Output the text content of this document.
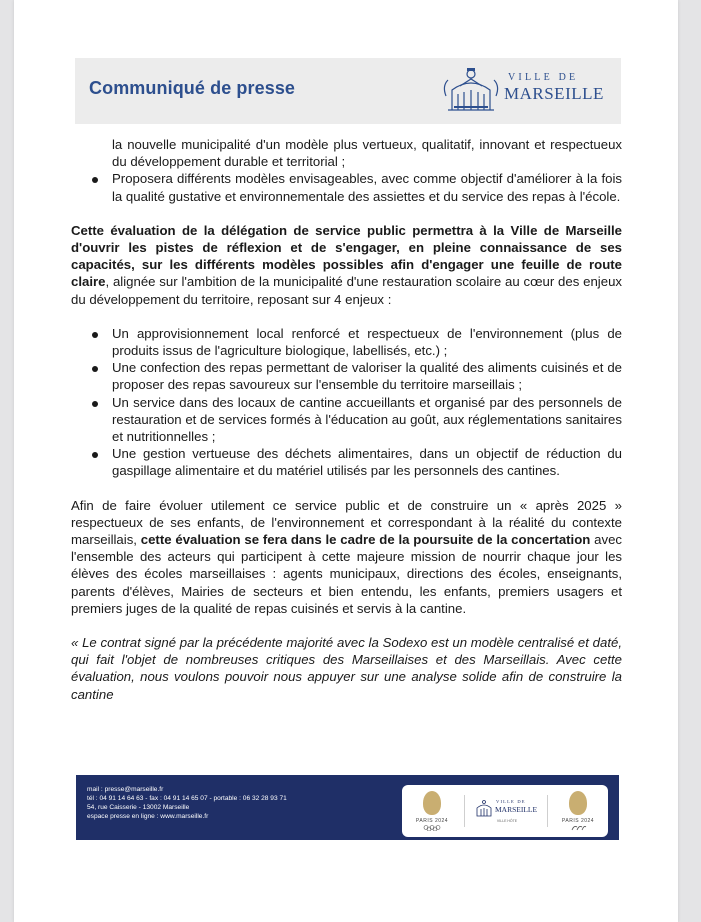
Communiqué de presse
VILLE DE
MARSEILLE

la nouvelle municipalité d'un modèle plus vertueux, qualitatif, innovant et respectueux du développement durable et territorial ;

Proposera différents modèles envisageables, avec comme objectif d'améliorer à la fois la qualité gustative et environnementale des assiettes et du service des repas à l'école.

Cette évaluation de la délégation de service public permettra à la Ville de Marseille d'ouvrir les pistes de réflexion et de s'engager, en pleine connaissance de ses capacités, sur les différents modèles possibles afin d'engager une feuille de route claire, alignée sur l'ambition de la municipalité d'une restauration scolaire au cœur des enjeux du développement du territoire, reposant sur 4 enjeux :

Un approvisionnement local renforcé et respectueux de l'environnement (plus de produits issus de l'agriculture biologique, labellisés, etc.) ;
Une confection des repas permettant de valoriser la qualité des aliments cuisinés et de proposer des repas savoureux sur l'ensemble du territoire marseillais ;
Un service dans des locaux de cantine accueillants et organisé par des personnels de restauration et de services formés à l'éducation au goût, aux réglementations sanitaires et nutritionnelles ;
Une gestion vertueuse des déchets alimentaires, dans un objectif de réduction du gaspillage alimentaire et du matériel utilisés par les personnels des cantines.

Afin de faire évoluer utilement ce service public et de construire un « après 2025 » respectueux de ses enfants, de l'environnement et correspondant à la réalité du contexte marseillais, cette évaluation se fera dans le cadre de la poursuite de la concertation avec l'ensemble des acteurs qui participent à cette majeure mission de nourrir chaque jour les élèves des écoles marseillaises : agents municipaux, directions des écoles, enseignants, parents d'élèves, Mairies de secteurs et bien entendu, les enfants, premiers usagers et premiers juges de la qualité de repas cuisinés et servis à la cantine.

« Le contrat signé par la précédente majorité avec la Sodexo est un modèle centralisé et daté, qui fait l'objet de nombreuses critiques des Marseillaises et des Marseillais. Avec cette évaluation, nous voulons pouvoir nous appuyer sur une analyse solide afin de construire la cantine

mail : presse@marseille.fr
tél : 04 91 14 64 63 - fax : 04 91 14 65 07 - portable : 06 32 28 93 71
54, rue Caisserie - 13002 Marseille
espace presse en ligne : www.marseille.fr
PARIS 2024
VILLE DE
MARSEILLE
VILLE HÔTE	PARIS 2024
